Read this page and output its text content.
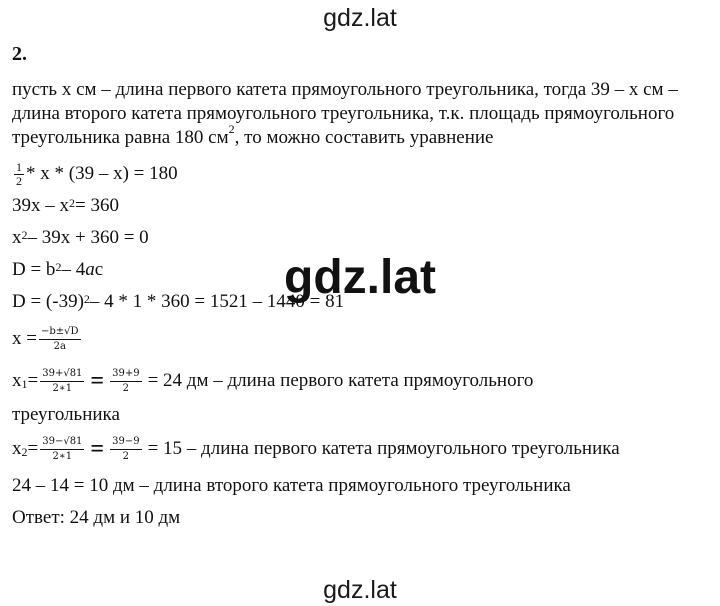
gdz.lat
2.
пусть х см – длина первого катета прямоугольного треугольника, тогда 39 – х см – длина второго катета прямоугольного треугольника, т.к. площадь прямоугольного треугольника равна 180 $см^2$, то можно составить уравнение
$\frac{1}{2} * х * (39 - х) = 180$
$39х - х^2 = 360$
$х^2 - 39х + 360 = 0$
$D = b^2 - 4$ a c
$D = (-39)^2 - 4 * 1 * 360 = 1521 - 1440 = 81$
$х = \frac{-b\pm√D}{2a}$
$x_1 = \frac{39+√81}{2∗1} = \frac{39+9}{2} = 24$ дм – длина первого катета прямоугольного
треугольника
$x_2 = \frac{39-√81}{2∗1} = \frac{39-9}{2} = 15$ – длина первого катета прямоугольного треугольника
24 – 14 = 10 дм – длина второго катета прямоугольного треугольника
Ответ: 24 дм и 10 дм
gdz.lat
gdz.lat
